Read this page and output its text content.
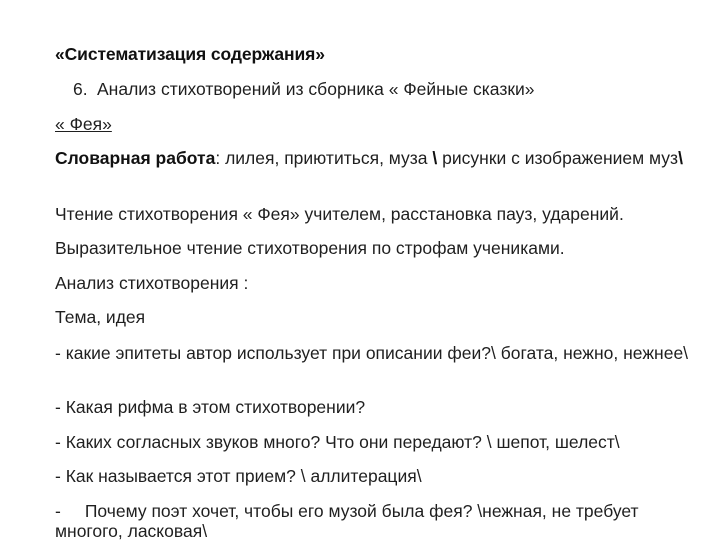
«Систематизация содержания»

6. Анализ стихотворений из сборника « Фейные сказки»

« Фея»

Словарная работа: лилея, приютиться, муза \ рисунки с изображением муз\

Чтение стихотворения « Фея» учителем, расстановка пауз, ударений.

Выразительное чтение стихотворения по строфам учениками.

Анализ стихотворения :

Тема, идея

- какие эпитеты автор использует при описании феи?\ богата, нежно, нежнее\

- Какая рифма в этом стихотворении?

- Каких согласных звуков много? Что они передают? \ шепот, шелест\

- Как называется этот прием? \ аллитерация\

- Почему поэт хочет, чтобы его музой была фея? \нежная, не требует многого, ласковая\
